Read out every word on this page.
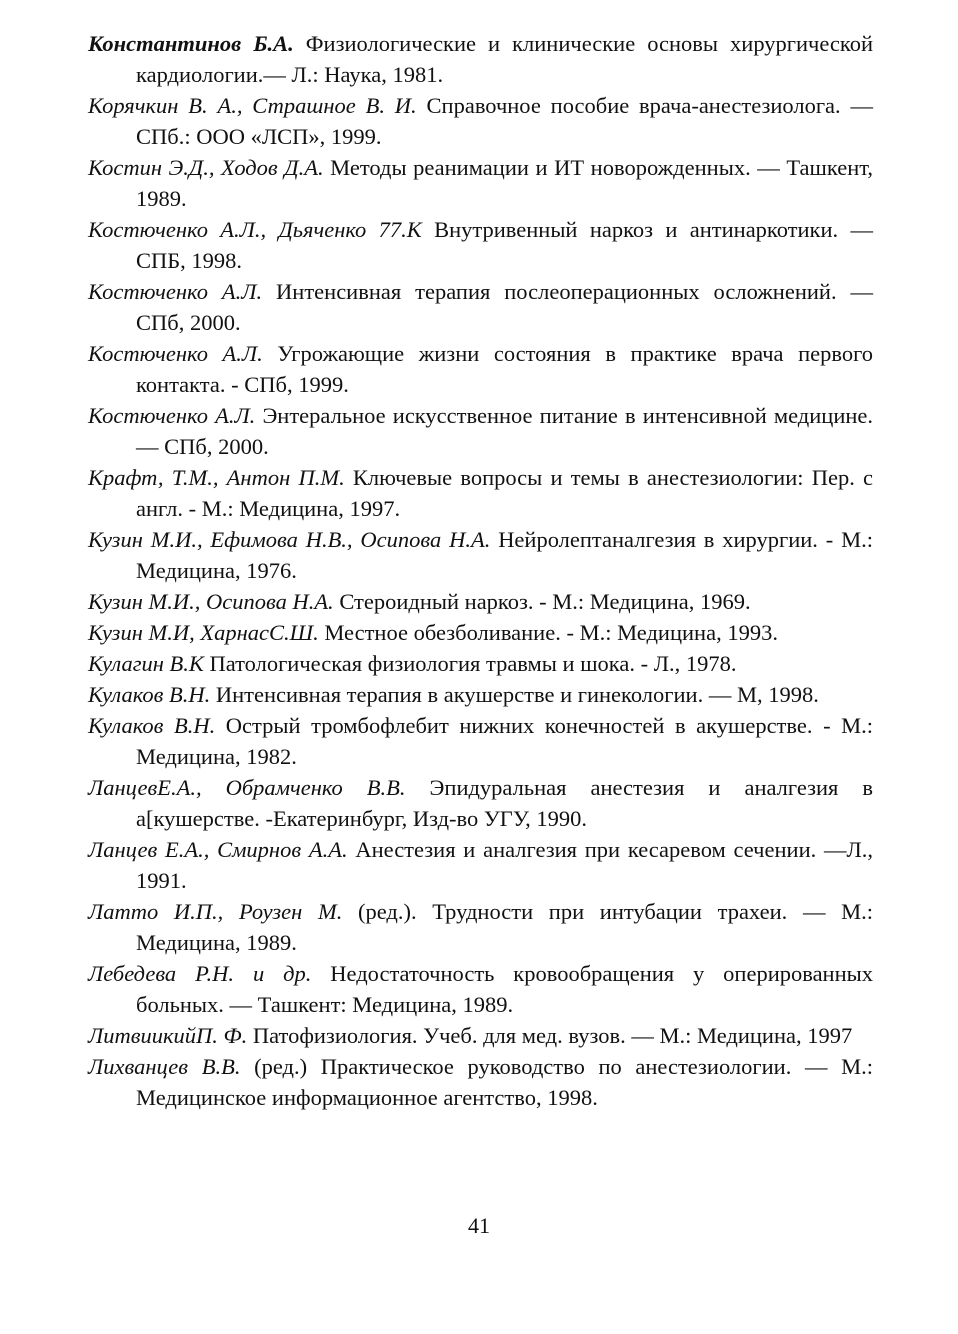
Константинов Б.А. Физиологические и клинические основы хирургической кардиологии.— Л.: Наука, 1981.
Корячкин В. А., Страшное В. И. Справочное пособие врача-анестезиолога. — СПб.: ООО «ЛСП», 1999.
Костин Э.Д., Ходов Д.А. Методы реанимации и ИТ новорожденных. — Ташкент, 1989.
Костюченко А.Л., Дьяченко 77.К Внутривенный наркоз и антинаркотики. — СПБ, 1998.
Костюченко А.Л. Интенсивная терапия послеоперационных осложнений. — СПб, 2000.
Костюченко А.Л. Угрожающие жизни состояния в практике врача первого контакта. - СПб, 1999.
Костюченко А.Л. Энтеральное искусственное питание в интенсивной медицине. — СПб, 2000.
Крафт, Т.М., Антон П.М. Ключевые вопросы и темы в анестезиологии: Пер. с англ. - М.: Медицина, 1997.
Кузин М.И., Ефимова Н.В., Осипова Н.А. Нейролептаналгезия в хирургии. - М.: Медицина, 1976.
Кузин М.И., Осипова Н.А. Стероидный наркоз. - М.: Медицина, 1969.
Кузин М.И, ХарнасС.Ш. Местное обезболивание. - М.: Медицина, 1993.
Кулагин В.К Патологическая физиология травмы и шока. - Л., 1978.
Кулаков В.Н. Интенсивная терапия в акушерстве и гинекологии. — М, 1998.
Кулаков В.Н. Острый тромбофлебит нижних конечностей в акушерстве. - М.: Медицина, 1982.
ЛанцевЕ.А., Обрамченко В.В. Эпидуральная анестезия и аналгезия в а[кушерстве. -Екатеринбург, Изд-во УГУ, 1990.
Ланцев Е.А., Смирнов А.А. Анестезия и аналгезия при кесаревом сечении. —Л., 1991.
Латто И.П., Роузен М. (ред.). Трудности при интубации трахеи. — М.: Медицина, 1989.
Лебедева Р.Н. и др. Недостаточность кровообращения у оперированных больных. — Ташкент: Медицина, 1989.
ЛитвиикийП. Ф. Патофизиология. Учеб. для мед. вузов. — М.: Медицина, 1997
Лихванцев В.В. (ред.) Практическое руководство по анестезиологии. — М.: Медицинское информационное агентство, 1998.
41
